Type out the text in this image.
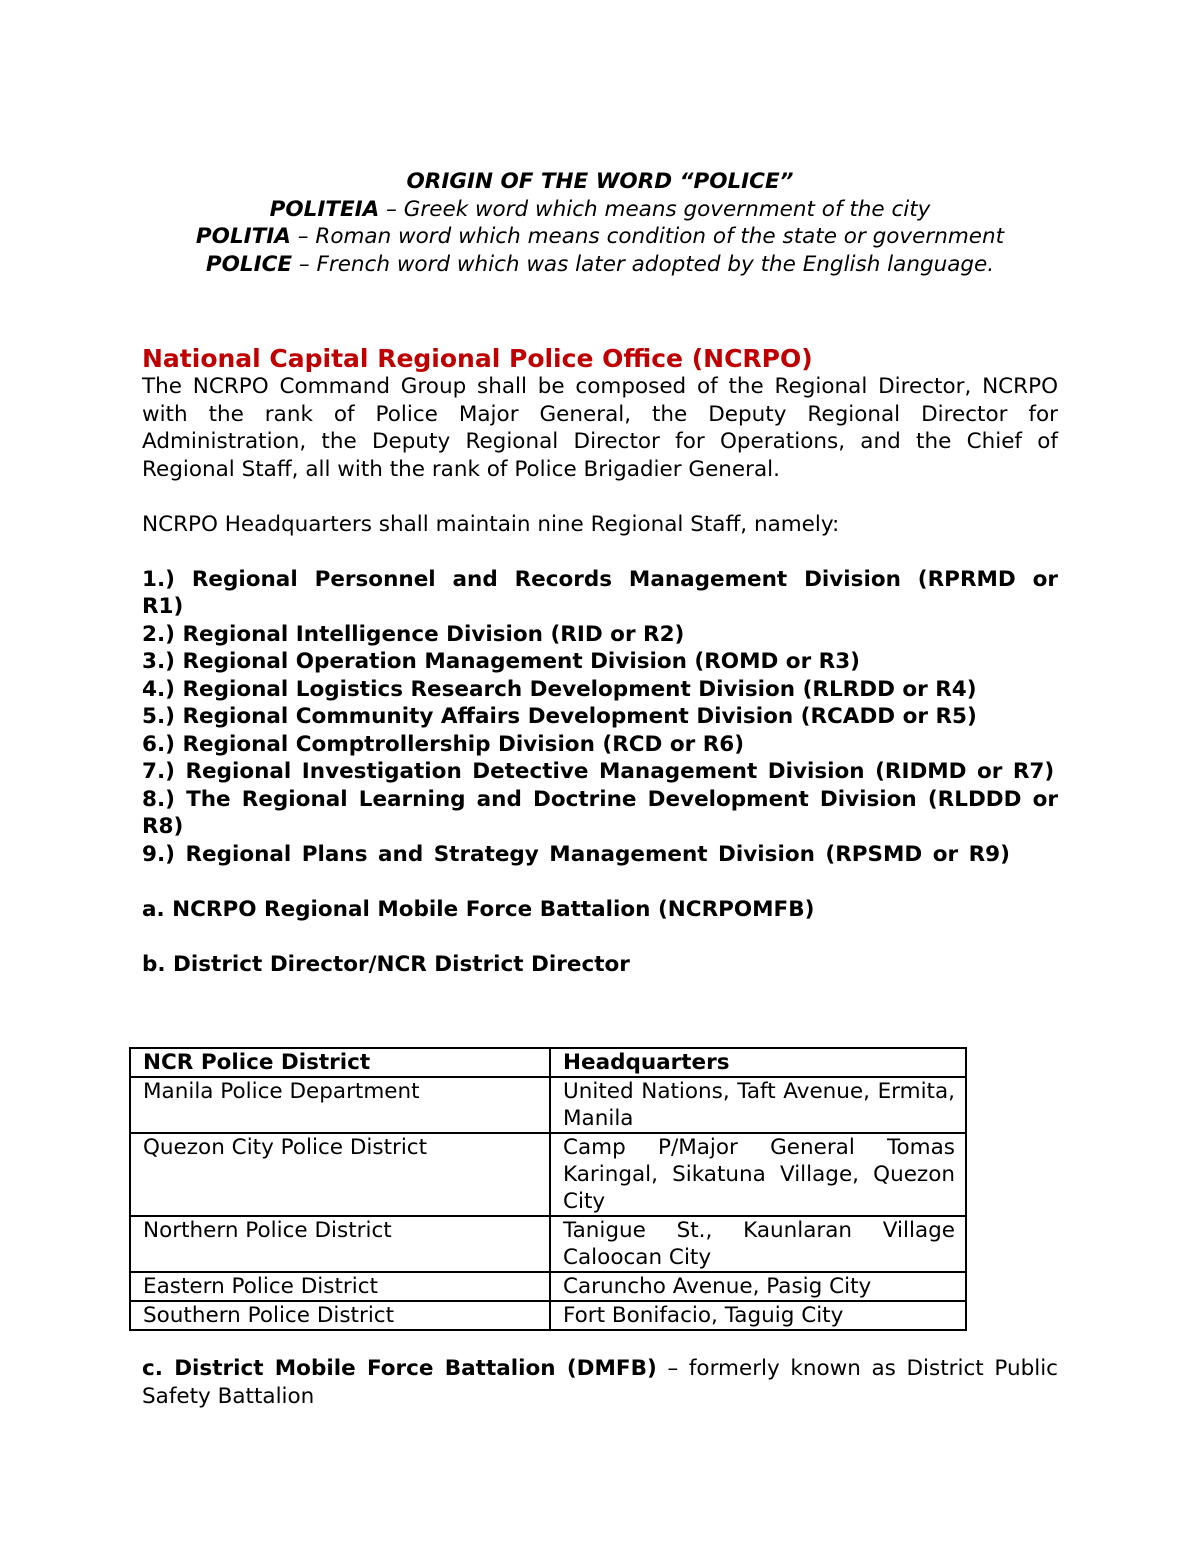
ORIGIN OF THE WORD “POLICE”

POLITEIA – Greek word which means government of the city

POLITIA – Roman word which means condition of the state or government

POLICE – French word which was later adopted by the English language.

National Capital Regional Police Office (NCRPO)

The NCRPO Command Group shall be composed of the Regional Director, NCRPO with the rank of Police Major General, the Deputy Regional Director for Administration, the Deputy Regional Director for Operations, and the Chief of Regional Staff, all with the rank of Police Brigadier General.

NCRPO Headquarters shall maintain nine Regional Staff, namely:

1.) Regional Personnel and Records Management Division (RPRMD or R1)

2.) Regional Intelligence Division (RID or R2)

3.) Regional Operation Management Division (ROMD or R3)

4.) Regional Logistics Research Development Division (RLRDD or R4)

5.) Regional Community Affairs Development Division (RCADD or R5)

6.) Regional Comptrollership Division (RCD or R6)

7.) Regional Investigation Detective Management Division (RIDMD or R7)

8.) The Regional Learning and Doctrine Development Division (RLDDD or R8)

9.) Regional Plans and Strategy Management Division (RPSMD or R9)

a. NCRPO Regional Mobile Force Battalion (NCRPOMFB)

b. District Director/NCR District Director

NCR Police District	Headquarters
Manila Police Department	United Nations, Taft Avenue, Ermita, Manila
Quezon City Police District	Camp P/Major General Tomas Karingal, Sikatuna Village, Quezon City
Northern Police District	Tanigue St., Kaunlaran Village Caloocan City
Eastern Police District	Caruncho Avenue, Pasig City
Southern Police District	Fort Bonifacio, Taguig City

c. District Mobile Force Battalion (DMFB) – formerly known as District Public Safety Battalion
